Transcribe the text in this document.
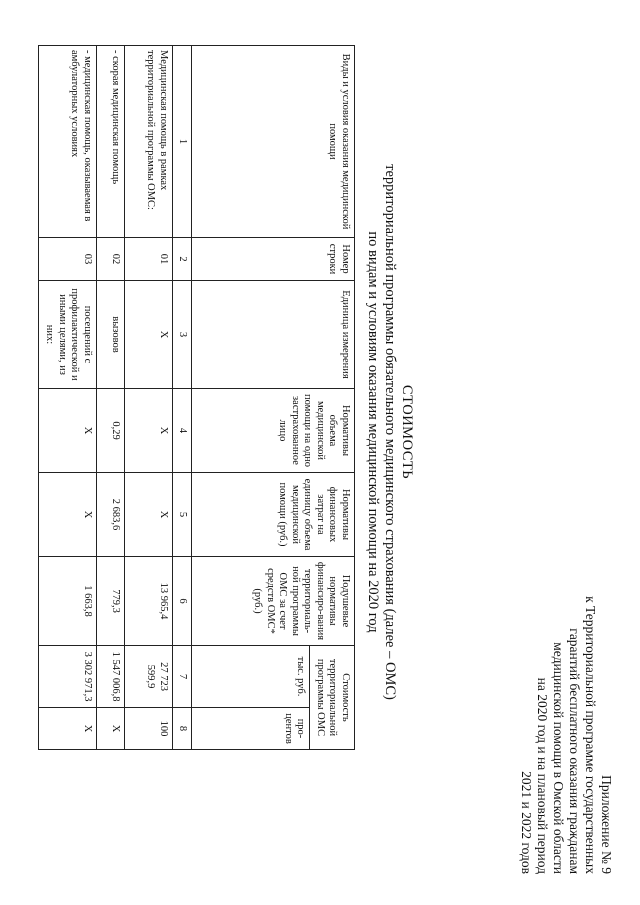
Приложение № 9
к Территориальной программе государственных
гарантий бесплатного оказания гражданам
медицинской помощи в Омской области
на 2020 год и на плановый период
2021 и 2022 годов
СТОИМОСТЬ
территориальной программы обязательного медицинского страхования (далее – ОМС)
по видам и условиям оказания медицинской помощи на 2020 год
Виды и условия оказания медицинской помощи	Номер строки	Единица измерения	Нормативы объема медицинской помощи на одно застрахованное лицо	Нормативы финансовых затрат на единицу объема медицинской помощи (руб.)	Подушевые нормативы финансиро-вания территориаль-ной программы ОМС за счет средств ОМС* (руб.)	Стоимость территориальной программы ОМС	
						тыс. руб.	про-центов
1	2	3	4	5	6	7	8
Медицинская помощь в рамках территориальной программы ОМС:	01	Х	Х	Х	13 965,4	27 723 599,9	100
- скорая медицинская помощь	02	вызовов	0,29	2 683,6	779,3	1 547 006,8	Х
- медицинская помощь, оказываемая в амбулаторных условиях	03	посещений с профилактической и иными целями, из них:	Х	Х	1 663,8	3 302 971,3	Х
